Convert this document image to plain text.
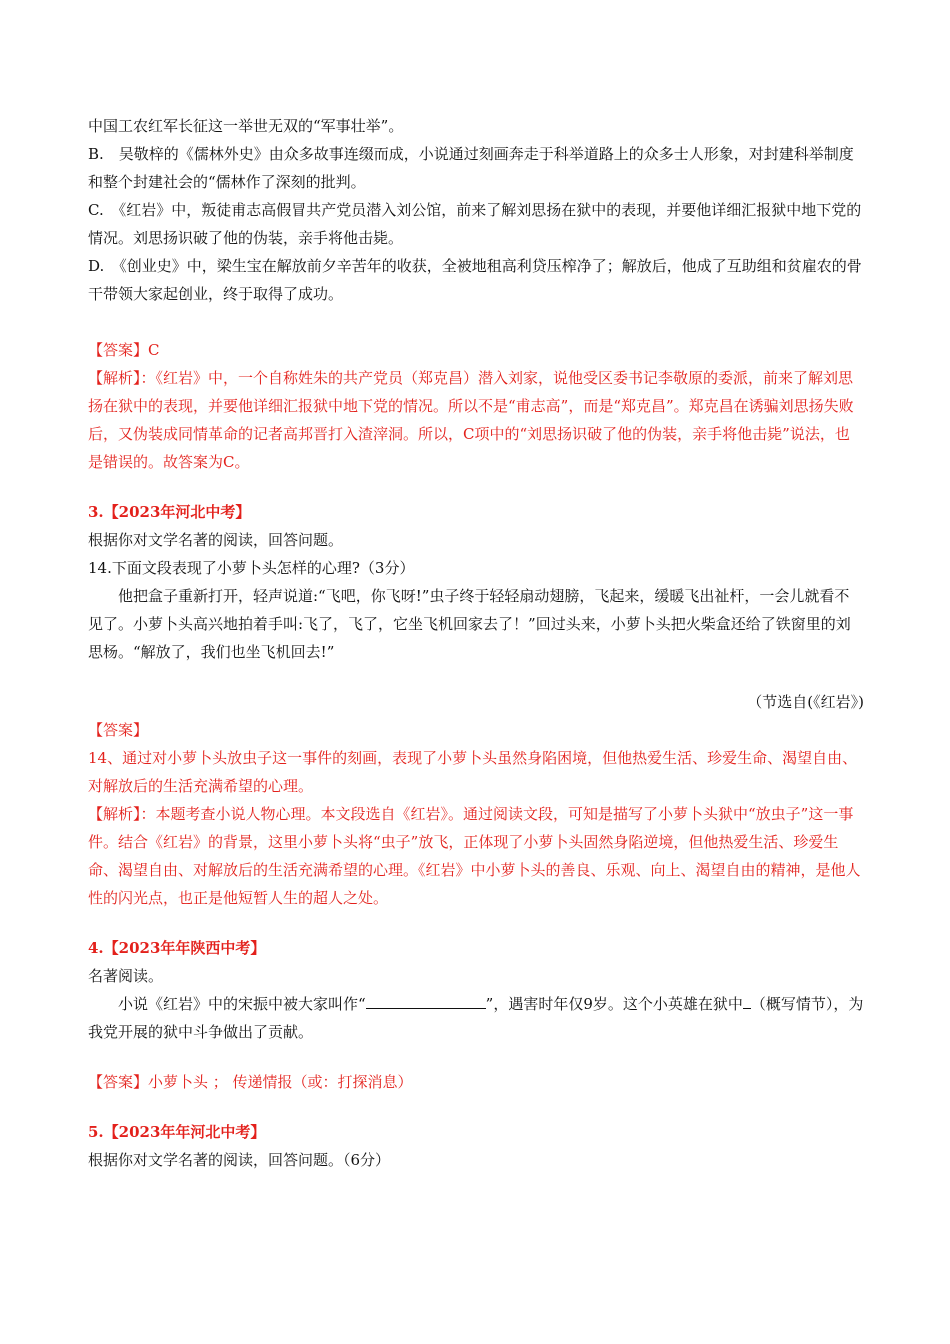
中国工农红军长征这一举世无双的“军事壮举”。

B.　吴敬梓的《儒林外史》由众多故事连缀而成，小说通过刻画奔走于科举道路上的众多士人形象，对封建科举制度和整个封建社会的“儒林作了深刻的批判。

C.　《红岩》中，叛徒甫志高假冒共产党员潜入刘公馆，前来了解刘思扬在狱中的表现，并要他详细汇报狱中地下党的情况。刘思扬识破了他的伪装，亲手将他击毙。

D.　《创业史》中，梁生宝在解放前夕辛苦年的收获，全被地租高利贷压榨净了；解放后，他成了互助组和贫雇农的骨干带领大家起创业，终于取得了成功。

【答案】C

【解析】：《红岩》中，一个自称姓朱的共产党员（郑克昌）潜入刘家，说他受区委书记李敬原的委派，前来了解刘思扬在狱中的表现，并要他详细汇报狱中地下党的情况。所以不是“甫志高”，而是“郑克昌”。郑克昌在诱骗刘思扬失败后，又伪装成同情革命的记者高邦晋打入渣滓洞。所以，C项中的“刘思扬识破了他的伪装，亲手将他击毙”说法，也是错误的。故答案为C。

3.【2023年河北中考】

根据你对文学名著的阅读，回答问题。

14.下面文段表现了小萝卜头怎样的心理?（3分）

他把盒子重新打开，轻声说道:“飞吧，你飞呀!”虫子终于轻轻扇动翅膀，飞起来，缓暖飞出祉杆，一会儿就看不见了。小萝卜头高兴地拍着手叫:飞了，飞了，它坐飞机回家去了！”回过头来，小萝卜头把火柴盒还给了铁窗里的刘思杨。“解放了，我们也坐飞机回去!”

（节选自(《红岩》)

【答案】

14、通过对小萝卜头放虫子这一事件的刻画，表现了小萝卜头虽然身陷困境，但他热爱生活、珍爱生命、渴望自由、对解放后的生活充满希望的心理。

【解析】：本题考查小说人物心理。本文段选自《红岩》。通过阅读文段，可知是描写了小萝卜头狱中“放虫子”这一事件。结合《红岩》的背景，这里小萝卜头将“虫子”放飞，正体现了小萝卜头固然身陷逆境，但他热爱生活、珍爱生命、渴望自由、对解放后的生活充满希望的心理。《红岩》中小萝卜头的善良、乐观、向上、渴望自由的精神，是他人性的闪光点，也正是他短暂人生的超人之处。

4.【2023年年陕西中考】

名著阅读。

小说《红岩》中的宋振中被大家叫作“	”，遇害时年仅9岁。这个小英雄在狱中 （概写情节），为我党开展的狱中斗争做出了贡献。

【答案】小萝卜头 ； 传递情报（或：打探消息）

5.【2023年年河北中考】

根据你对文学名著的阅读，回答问题。（6分）
